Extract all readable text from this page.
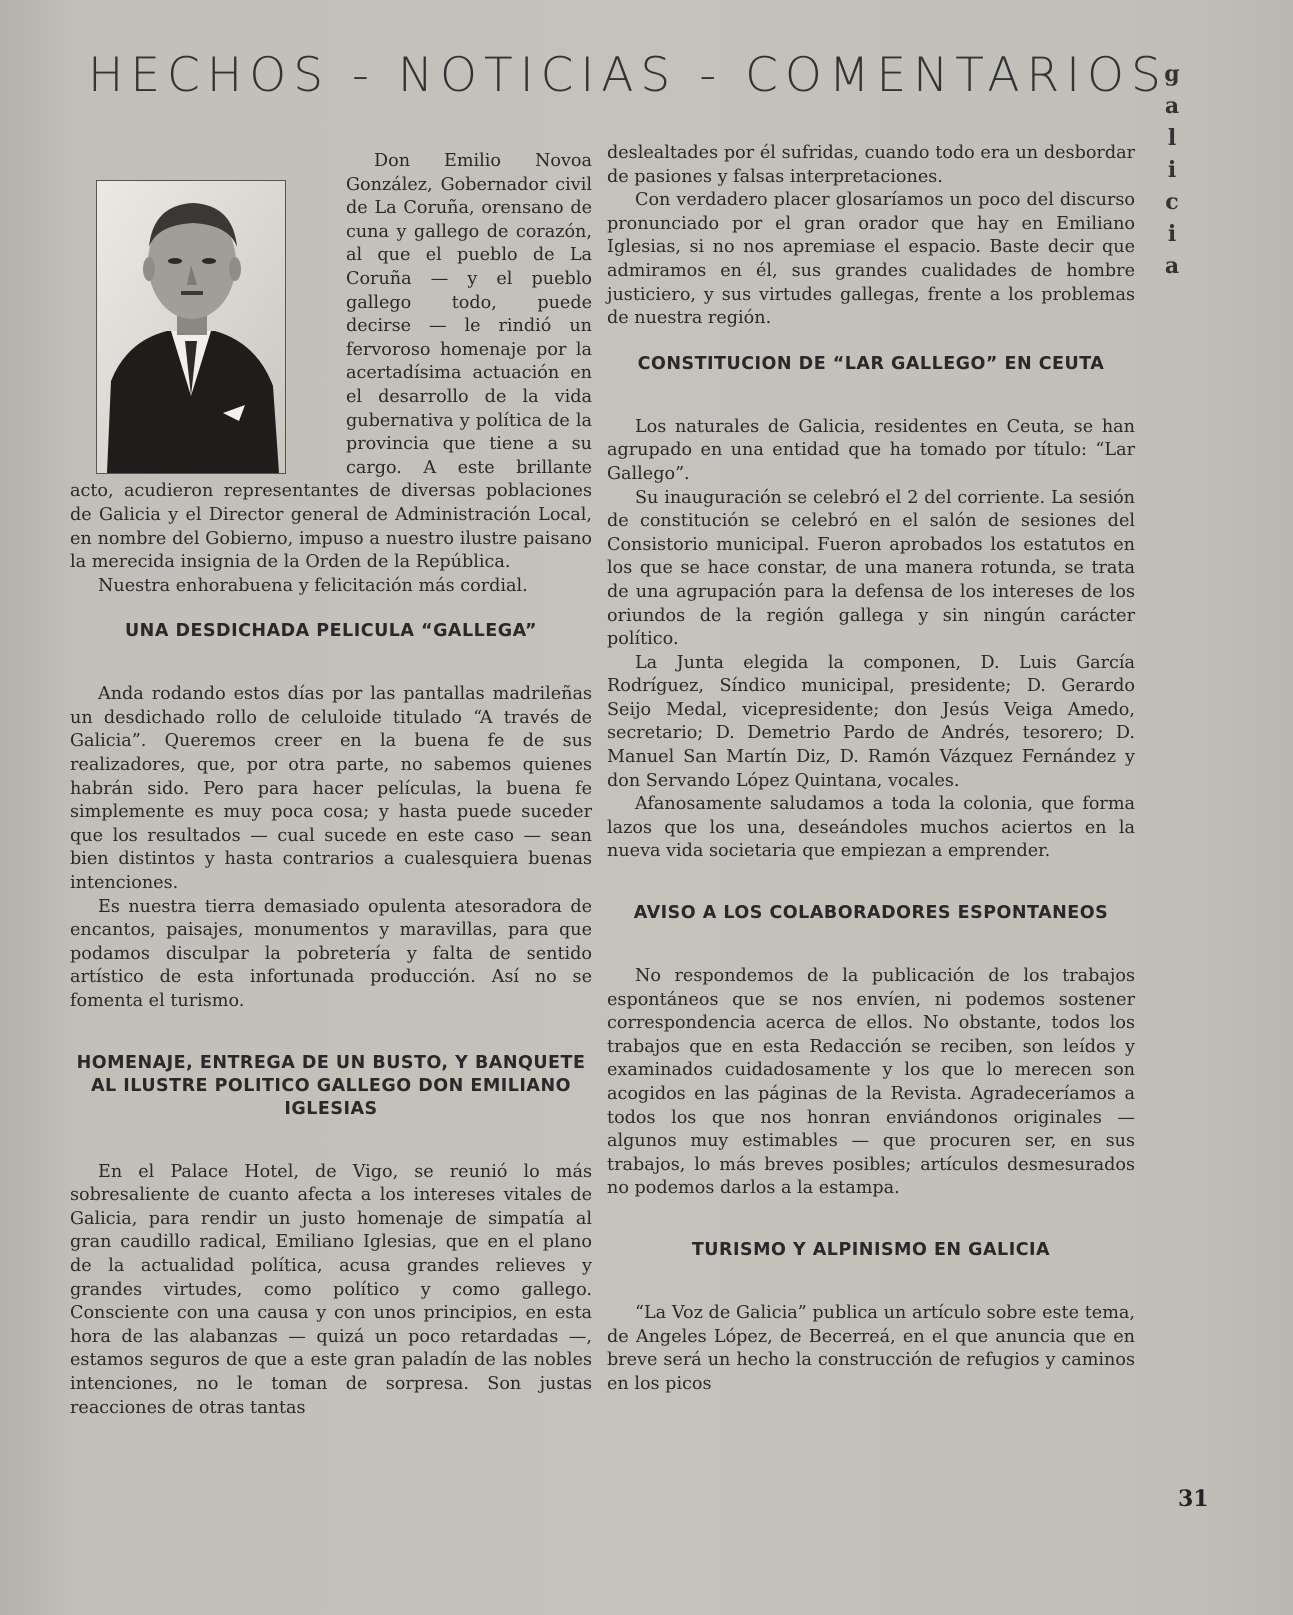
HECHOS - NOTICIAS - COMENTARIOS
g
a
l
i
c
i
a

Don Emilio Novoa González, Gobernador civil de La Coruña, orensano de cuna y gallego de corazón, al que el pueblo de La Coruña — y el pueblo gallego todo, puede decirse — le rindió un fervoroso homenaje por la acertadísima actuación en el desarrollo de la vida gubernativa y política de la provincia que tiene a su cargo. A este brillante acto, acudieron representantes de diversas poblaciones de Galicia y el Director general de Administración Local, en nombre del Gobierno, impuso a nuestro ilustre paisano la merecida insignia de la Orden de la República.

Nuestra enhorabuena y felicitación más cordial.

UNA DESDICHADA PELICULA “GALLEGA”

Anda rodando estos días por las pantallas madrileñas un desdichado rollo de celuloide titulado “A través de Galicia”. Queremos creer en la buena fe de sus realizadores, que, por otra parte, no sabemos quienes habrán sido. Pero para hacer películas, la buena fe simplemente es muy poca cosa; y hasta puede suceder que los resultados — cual sucede en este caso — sean bien distintos y hasta contrarios a cualesquiera buenas intenciones.

Es nuestra tierra demasiado opulenta atesoradora de encantos, paisajes, monumentos y maravillas, para que podamos disculpar la pobretería y falta de sentido artístico de esta infortunada producción. Así no se fomenta el turismo.

HOMENAJE, ENTREGA DE UN BUSTO, Y BANQUETE AL ILUSTRE POLITICO GALLEGO DON EMILIANO IGLESIAS

En el Palace Hotel, de Vigo, se reunió lo más sobresaliente de cuanto afecta a los intereses vitales de Galicia, para rendir un justo homenaje de simpatía al gran caudillo radical, Emiliano Iglesias, que en el plano de la actualidad política, acusa grandes relieves y grandes virtudes, como político y como gallego. Consciente con una causa y con unos principios, en esta hora de las alabanzas — quizá un poco retardadas —, estamos seguros de que a este gran paladín de las nobles intenciones, no le toman de sorpresa. Son justas reacciones de otras tantas

deslealtades por él sufridas, cuando todo era un desbordar de pasiones y falsas interpretaciones.

Con verdadero placer glosaríamos un poco del discurso pronunciado por el gran orador que hay en Emiliano Iglesias, si no nos apremiase el espacio. Baste decir que admiramos en él, sus grandes cualidades de hombre justiciero, y sus virtudes gallegas, frente a los problemas de nuestra región.

CONSTITUCION DE “LAR GALLEGO” EN CEUTA

Los naturales de Galicia, residentes en Ceuta, se han agrupado en una entidad que ha tomado por título: “Lar Gallego”.

Su inauguración se celebró el 2 del corriente. La sesión de constitución se celebró en el salón de sesiones del Consistorio municipal. Fueron aprobados los estatutos en los que se hace constar, de una manera rotunda, se trata de una agrupación para la defensa de los intereses de los oriundos de la región gallega y sin ningún carácter político.

La Junta elegida la componen, D. Luis García Rodríguez, Síndico municipal, presidente; D. Gerardo Seijo Medal, vicepresidente; don Jesús Veiga Amedo, secretario; D. Demetrio Pardo de Andrés, tesorero; D. Manuel San Martín Diz, D. Ramón Vázquez Fernández y don Servando López Quintana, vocales.

Afanosamente saludamos a toda la colonia, que forma lazos que los una, deseándoles muchos aciertos en la nueva vida societaria que empiezan a emprender.

AVISO A LOS COLABORADORES ESPONTANEOS

No respondemos de la publicación de los trabajos espontáneos que se nos envíen, ni podemos sostener correspondencia acerca de ellos. No obstante, todos los trabajos que en esta Redacción se reciben, son leídos y examinados cuidadosamente y los que lo merecen son acogidos en las páginas de la Revista. Agradeceríamos a todos los que nos honran enviándonos originales — algunos muy estimables — que procuren ser, en sus trabajos, lo más breves posibles; artículos desmesurados no podemos darlos a la estampa.

TURISMO Y ALPINISMO EN GALICIA

“La Voz de Galicia” publica un artículo sobre este tema, de Angeles López, de Becerreá, en el que anuncia que en breve será un hecho la construcción de refugios y caminos en los picos

31
